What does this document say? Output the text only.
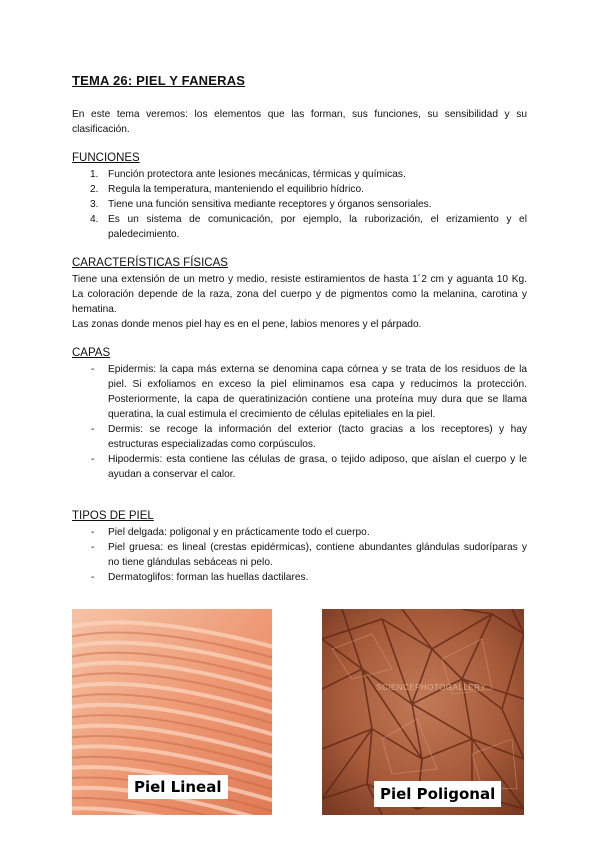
TEMA 26: PIEL Y FANERAS

En este tema veremos: los elementos que las forman, sus funciones, su sensibilidad y su clasificación.

FUNCIONES
1. Función protectora ante lesiones mecánicas, térmicas y químicas.
2. Regula la temperatura, manteniendo el equilibrio hídrico.
3. Tiene una función sensitiva mediante receptores y órganos sensoriales.
4. Es un sistema de comunicación, por ejemplo, la ruborización, el erizamiento y el paledecimiento.
CARACTERÍSTICAS FÍSICAS

Tiene una extensión de un metro y medio, resiste estiramientos de hasta 1´2 cm y aguanta 10 Kg. La coloración depende de la raza, zona del cuerpo y de pigmentos como la melanina, carotina y hematina.

Las zonas donde menos piel hay es en el pene, labios menores y el párpado.

CAPAS
- Epidermis: la capa más externa se denomina capa córnea y se trata de los residuos de la piel. Si exfoliamos en exceso la piel eliminamos esa capa y reducimos la protección. Posteriormente, la capa de queratinización contiene una proteína muy dura que se llama queratina, la cual estimula el crecimiento de células epiteliales en la piel.
- Dermis: se recoge la información del exterior (tacto gracias a los receptores) y hay estructuras especializadas como corpúsculos.
- Hipodermis: esta contiene las células de grasa, o tejido adiposo, que aíslan el cuerpo y le ayudan a conservar el calor.
TIPOS DE PIEL
- Piel delgada: poligonal y en prácticamente todo el cuerpo.
- Piel gruesa: es lineal (crestas epidérmicas), contiene abundantes glándulas sudoríparas y no tiene glándulas sebáceas ni pelo.
- Dermatoglifos: forman las huellas dactilares.
Piel Lineal
SCIENCEPHOTOGALLERY
Piel Poligonal
